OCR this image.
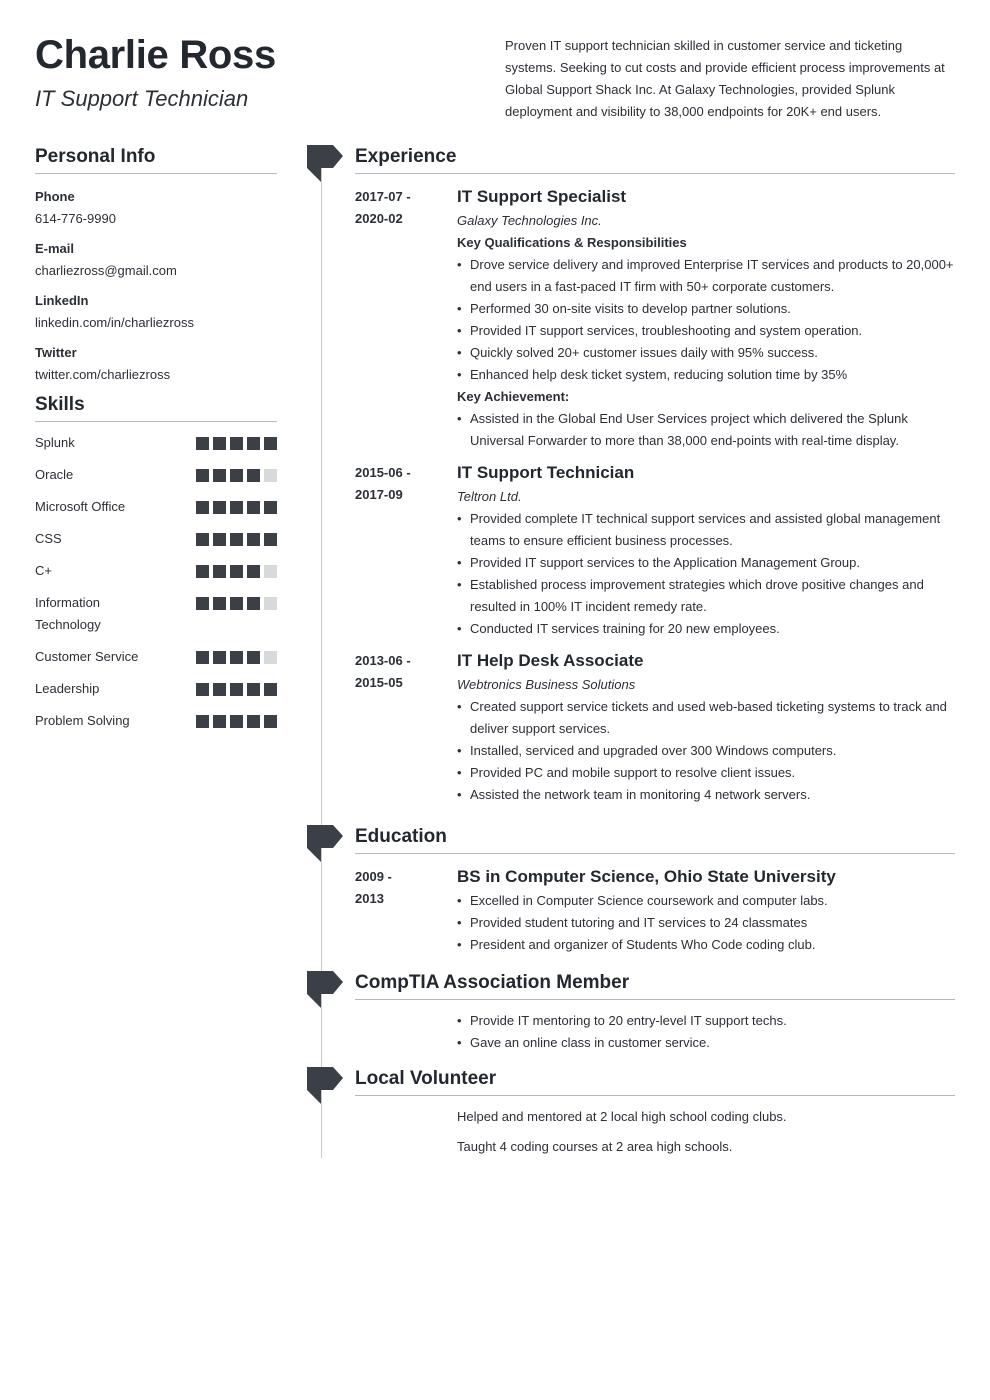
Charlie Ross
IT Support Technician
Proven IT support technician skilled in customer service and ticketing systems. Seeking to cut costs and provide efficient process improvements at Global Support Shack Inc. At Galaxy Technologies, provided Splunk deployment and visibility to 38,000 endpoints for 20K+ end users.
Personal Info
Phone
614-776-9990
E-mail
charliezross@gmail.com
LinkedIn
linkedin.com/in/charliezross
Twitter
twitter.com/charliezross
Skills
Splunk
Oracle
Microsoft Office
CSS
C+
Information Technology
Customer Service
Leadership
Problem Solving
Experience
2017-07 -
2020-02
IT Support Specialist
Galaxy Technologies Inc.
Key Qualifications & Responsibilities
• Drove service delivery and improved Enterprise IT services and products to 20,000+ end users in a fast-paced IT firm with 50+ corporate customers.
• Performed 30 on-site visits to develop partner solutions.
• Provided IT support services, troubleshooting and system operation.
• Quickly solved 20+ customer issues daily with 95% success.
• Enhanced help desk ticket system, reducing solution time by 35%
Key Achievement:
• Assisted in the Global End User Services project which delivered the Splunk Universal Forwarder to more than 38,000 end-points with real-time display.
2015-06 -
2017-09
IT Support Technician
Teltron Ltd.
• Provided complete IT technical support services and assisted global management teams to ensure efficient business processes.
• Provided IT support services to the Application Management Group.
• Established process improvement strategies which drove positive changes and resulted in 100% IT incident remedy rate.
• Conducted IT services training for 20 new employees.
2013-06 -
2015-05
IT Help Desk Associate
Webtronics Business Solutions
• Created support service tickets and used web-based ticketing systems to track and deliver support services.
• Installed, serviced and upgraded over 300 Windows computers.
• Provided PC and mobile support to resolve client issues.
• Assisted the network team in monitoring 4 network servers.
Education
2009 -
2013
BS in Computer Science, Ohio State University
• Excelled in Computer Science coursework and computer labs.
• Provided student tutoring and IT services to 24 classmates
• President and organizer of Students Who Code coding club.
CompTIA Association Member
• Provide IT mentoring to 20 entry-level IT support techs.
• Gave an online class in customer service.
Local Volunteer
Helped and mentored at 2 local high school coding clubs.
Taught 4 coding courses at 2 area high schools.
